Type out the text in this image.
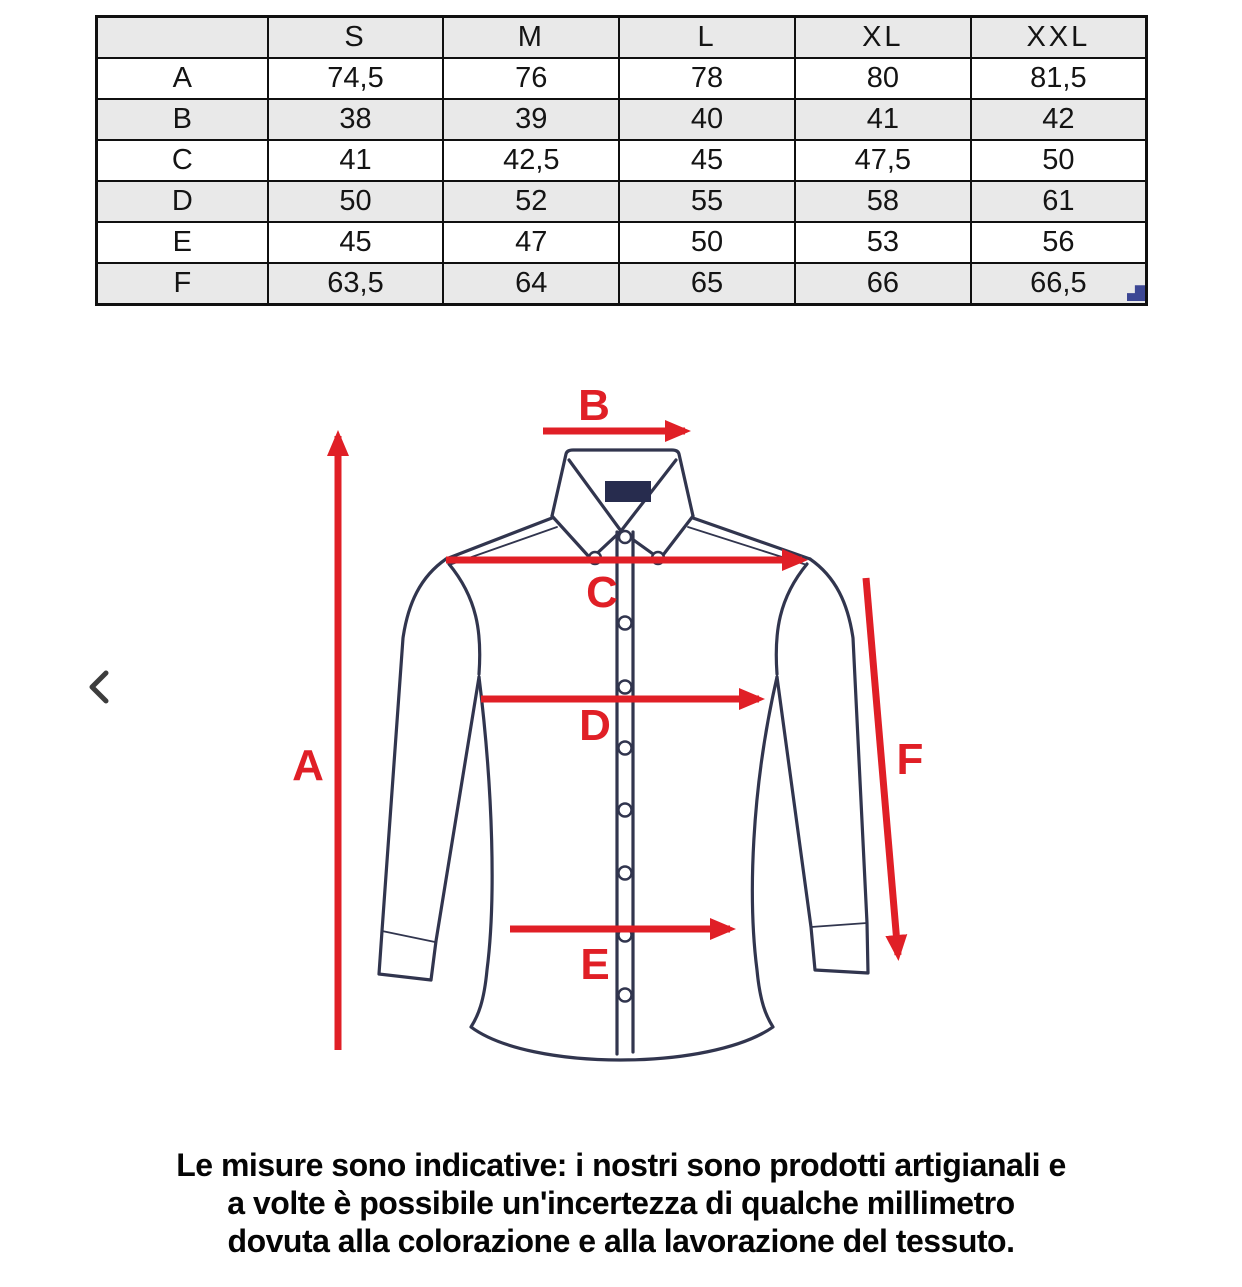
	S	M	L	XL	XXL
A	74,5	76	78	80	81,5
B	38	39	40	41	42
C	41	42,5	45	47,5	50
D	50	52	55	58	61
E	45	47	50	53	56
F	63,5	64	65	66	66,5
A
B
C
D
E
F
Le misure sono indicative: i nostri sono prodotti artigianali e
a volte è possibile un'incertezza di qualche millimetro
dovuta alla colorazione e alla lavorazione del tessuto.
